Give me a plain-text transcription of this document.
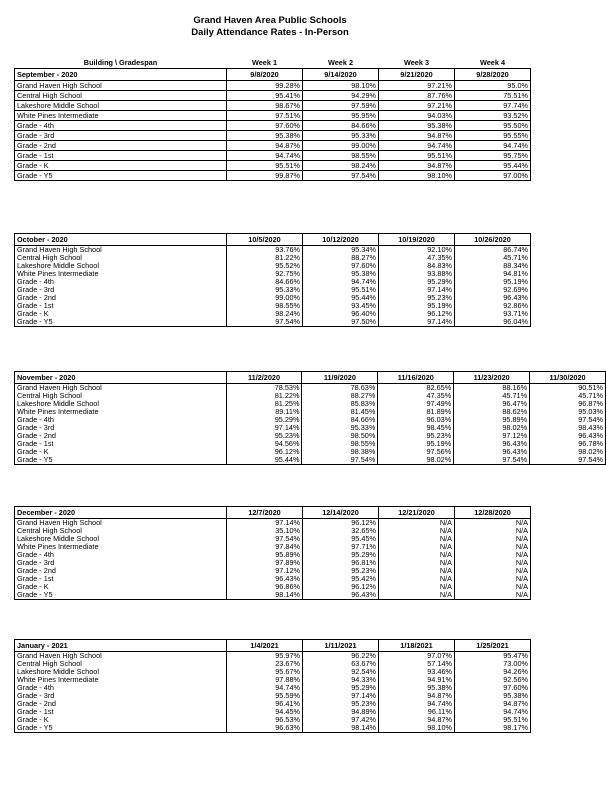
Grand Haven Area Public Schools
Daily Attendance Rates - In-Person
Building \ Gradespan	Week 1	Week 2	Week 3	Week 4
September - 2020	9/8/2020	9/14/2020	9/21/2020	9/28/2020
Grand Haven High School	99.28%	98.10%	97.21%	95.0%
Central High School	95.41%	94.29%	87.76%	75.51%
Lakeshore Middle School	98.67%	97.59%	97.21%	97.74%
White Pines Intermediate	97.51%	95.95%	94.03%	93.52%
Grade - 4th	97.60%	84.66%	95.38%	95.50%
Grade - 3rd	95.38%	95.33%	94.87%	95.55%
Grade - 2nd	94.87%	99.00%	94.74%	94.74%
Grade - 1st	94.74%	98.55%	95.51%	95.75%
Grade - K	95.51%	98.24%	94.87%	95.44%
Grade - Y5	99.87%	97.54%	98.10%	97.00%
October - 2020	10/5/2020	10/12/2020	10/19/2020	10/26/2020
Grand Haven High School	93.76%	95.34%	92.10%	86.74%
Central High School	81.22%	88.27%	47.35%	45.71%
Lakeshore Middle School	95.52%	97.60%	84.83%	88.34%
White Pines Intermediate	92.75%	95.38%	93.88%	94.81%
Grade - 4th	84.66%	94.74%	95.29%	95.19%
Grade - 3rd	95.33%	95.51%	97.14%	92.69%
Grade - 2nd	99.00%	95.44%	95.23%	96.43%
Grade - 1st	98.55%	93.45%	95.19%	92.86%
Grade - K	98.24%	96.40%	96.12%	93.71%
Grade - Y5	97.54%	97.50%	97.14%	96.04%
November - 2020	11/2/2020	11/9/2020	11/16/2020	11/23/2020	11/30/2020
Grand Haven High School	78.53%	78.63%	82.65%	88.16%	90.51%
Central High School	81.22%	88.27%	47.35%	45.71%	45.71%
Lakeshore Middle School	81.25%	85.83%	97.49%	96.47%	96.87%
White Pines Intermediate	89.11%	81.45%	81.89%	88.62%	95.03%
Grade - 4th	95.29%	84.66%	96.03%	95.89%	97.54%
Grade - 3rd	97.14%	95.33%	98.45%	98.02%	98.43%
Grade - 2nd	95.23%	98.50%	95.23%	97.12%	96.43%
Grade - 1st	94.56%	98.55%	95.19%	96.43%	96.78%
Grade - K	96.12%	98.38%	97.56%	96.43%	98.02%
Grade - Y5	95.44%	97.54%	98.02%	97.54%	97.54%
December - 2020	12/7/2020	12/14/2020	12/21/2020	12/28/2020
Grand Haven High School	97.14%	96.12%	N/A	N/A
Central High School	35.10%	32.65%	N/A	N/A
Lakeshore Middle School	97.54%	95.45%	N/A	N/A
White Pines Intermediate	97.84%	97.71%	N/A	N/A
Grade - 4th	95.89%	95.29%	N/A	N/A
Grade - 3rd	97.89%	96.81%	N/A	N/A
Grade - 2nd	97.12%	95.23%	N/A	N/A
Grade - 1st	96.43%	95.42%	N/A	N/A
Grade - K	96.86%	96.12%	N/A	N/A
Grade - Y5	98.14%	96.43%	N/A	N/A
January - 2021	1/4/2021	1/11/2021	1/18/2021	1/25/2021
Grand Haven High School	95.97%	96.22%	97.07%	95.47%
Central High School	23.67%	63.67%	57.14%	73.00%
Lakeshore Middle School	95.67%	92.54%	93.46%	94.26%
White Pines Intermediate	97.88%	94.33%	94.91%	92.56%
Grade - 4th	94.74%	95.29%	95.38%	97.60%
Grade - 3rd	95.59%	97.14%	94.87%	95.38%
Grade - 2nd	96.41%	95.23%	94.74%	94.87%
Grade - 1st	94.45%	94.89%	96.11%	94.74%
Grade - K	96.53%	97.42%	94.87%	95.51%
Grade - Y5	96.63%	98.14%	98.10%	98.17%
